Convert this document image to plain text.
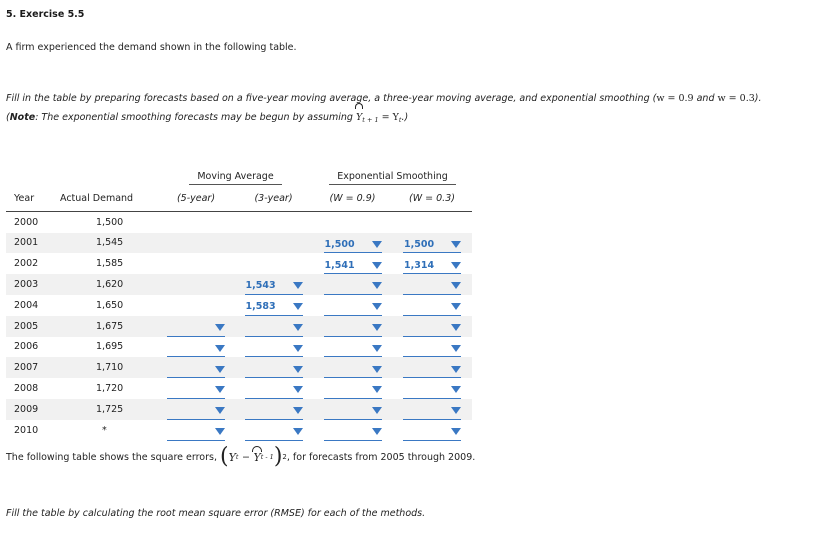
5. Exercise 5.5
A firm experienced the demand shown in the following table.
Fill in the table by preparing forecasts based on a five-year moving average, a three-year moving average, and exponential smoothing (w = 0.9 and w = 0.3). (Note: The exponential smoothing forecasts may be begun by assuming $Y_{t + 1} = Y_t$.)
		Moving Average		Exponential Smoothing	
Year	Actual Demand	(5-year)	(3-year)	(W = 0.9)	(W = 0.3)
2000	1,500				
2001	1,545			1,500	1,500

2002	1,585			1,541	1,314

2003	1,620		1,543		

2004	1,650		1,583		

2005	1,675	

2006	1,695	

2007	1,710	

2008	1,720	

2009	1,725	

2010	*	

The following table shows the square errors,
( Y t
−
Y t - 1 ) 2 , for forecasts from 2005 through 2009.
Fill the table by calculating the root mean square error (RMSE) for each of the methods.
